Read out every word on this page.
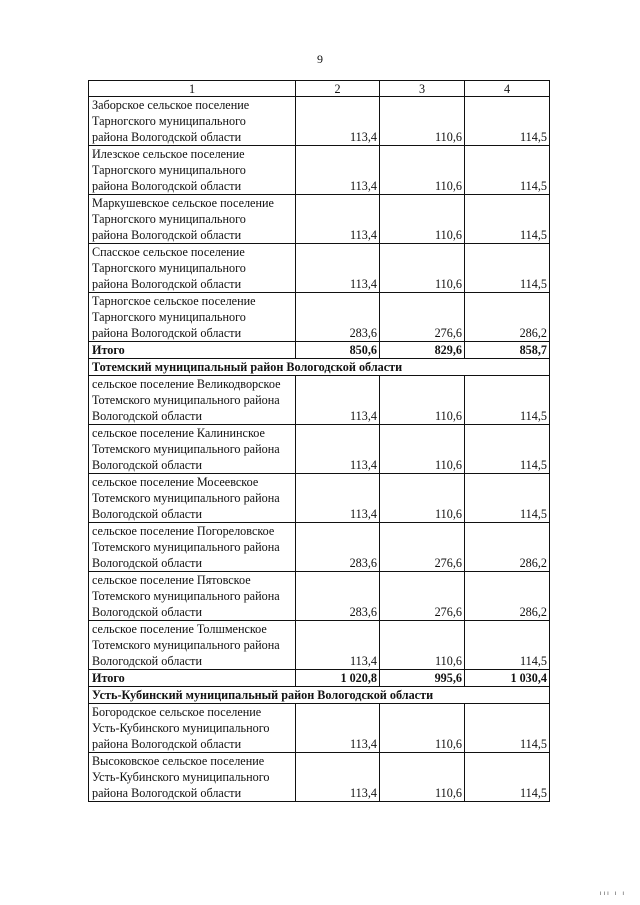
9
1	2	3	4

Заборское сельское поселение
Тарногского муниципального
района Вологодской области	113,4	110,6	114,5

Илезское сельское поселение
Тарногского муниципального
района Вологодской области	113,4	110,6	114,5

Маркушевское сельское поселение
Тарногского муниципального
района Вологодской области	113,4	110,6	114,5

Спасское сельское поселение
Тарногского муниципального
района Вологодской области	113,4	110,6	114,5

Тарногское сельское поселение
Тарногского муниципального
района Вологодской области	283,6	276,6	286,2
Итого	850,6	829,6	858,7
Тотемский муниципальный район Вологодской области			

сельское поселение Великодворское
Тотемского муниципального района
Вологодской области	113,4	110,6	114,5

сельское поселение Калининское
Тотемского муниципального района
Вологодской области	113,4	110,6	114,5

сельское поселение Мосеевское
Тотемского муниципального района
Вологодской области	113,4	110,6	114,5

сельское поселение Погореловское
Тотемского муниципального района
Вологодской области	283,6	276,6	286,2

сельское поселение Пятовское
Тотемского муниципального района
Вологодской области	283,6	276,6	286,2

сельское поселение Толшменское
Тотемского муниципального района
Вологодской области	113,4	110,6	114,5
Итого	1 020,8	995,6	1 030,4
Усть-Кубинский муниципальный район Вологодской области			

Богородское сельское поселение
Усть-Кубинского муниципального
района Вологодской области	113,4	110,6	114,5

Высоковское сельское поселение
Усть-Кубинского муниципального
района Вологодской области	113,4	110,6	114,5
ııı ı ı
